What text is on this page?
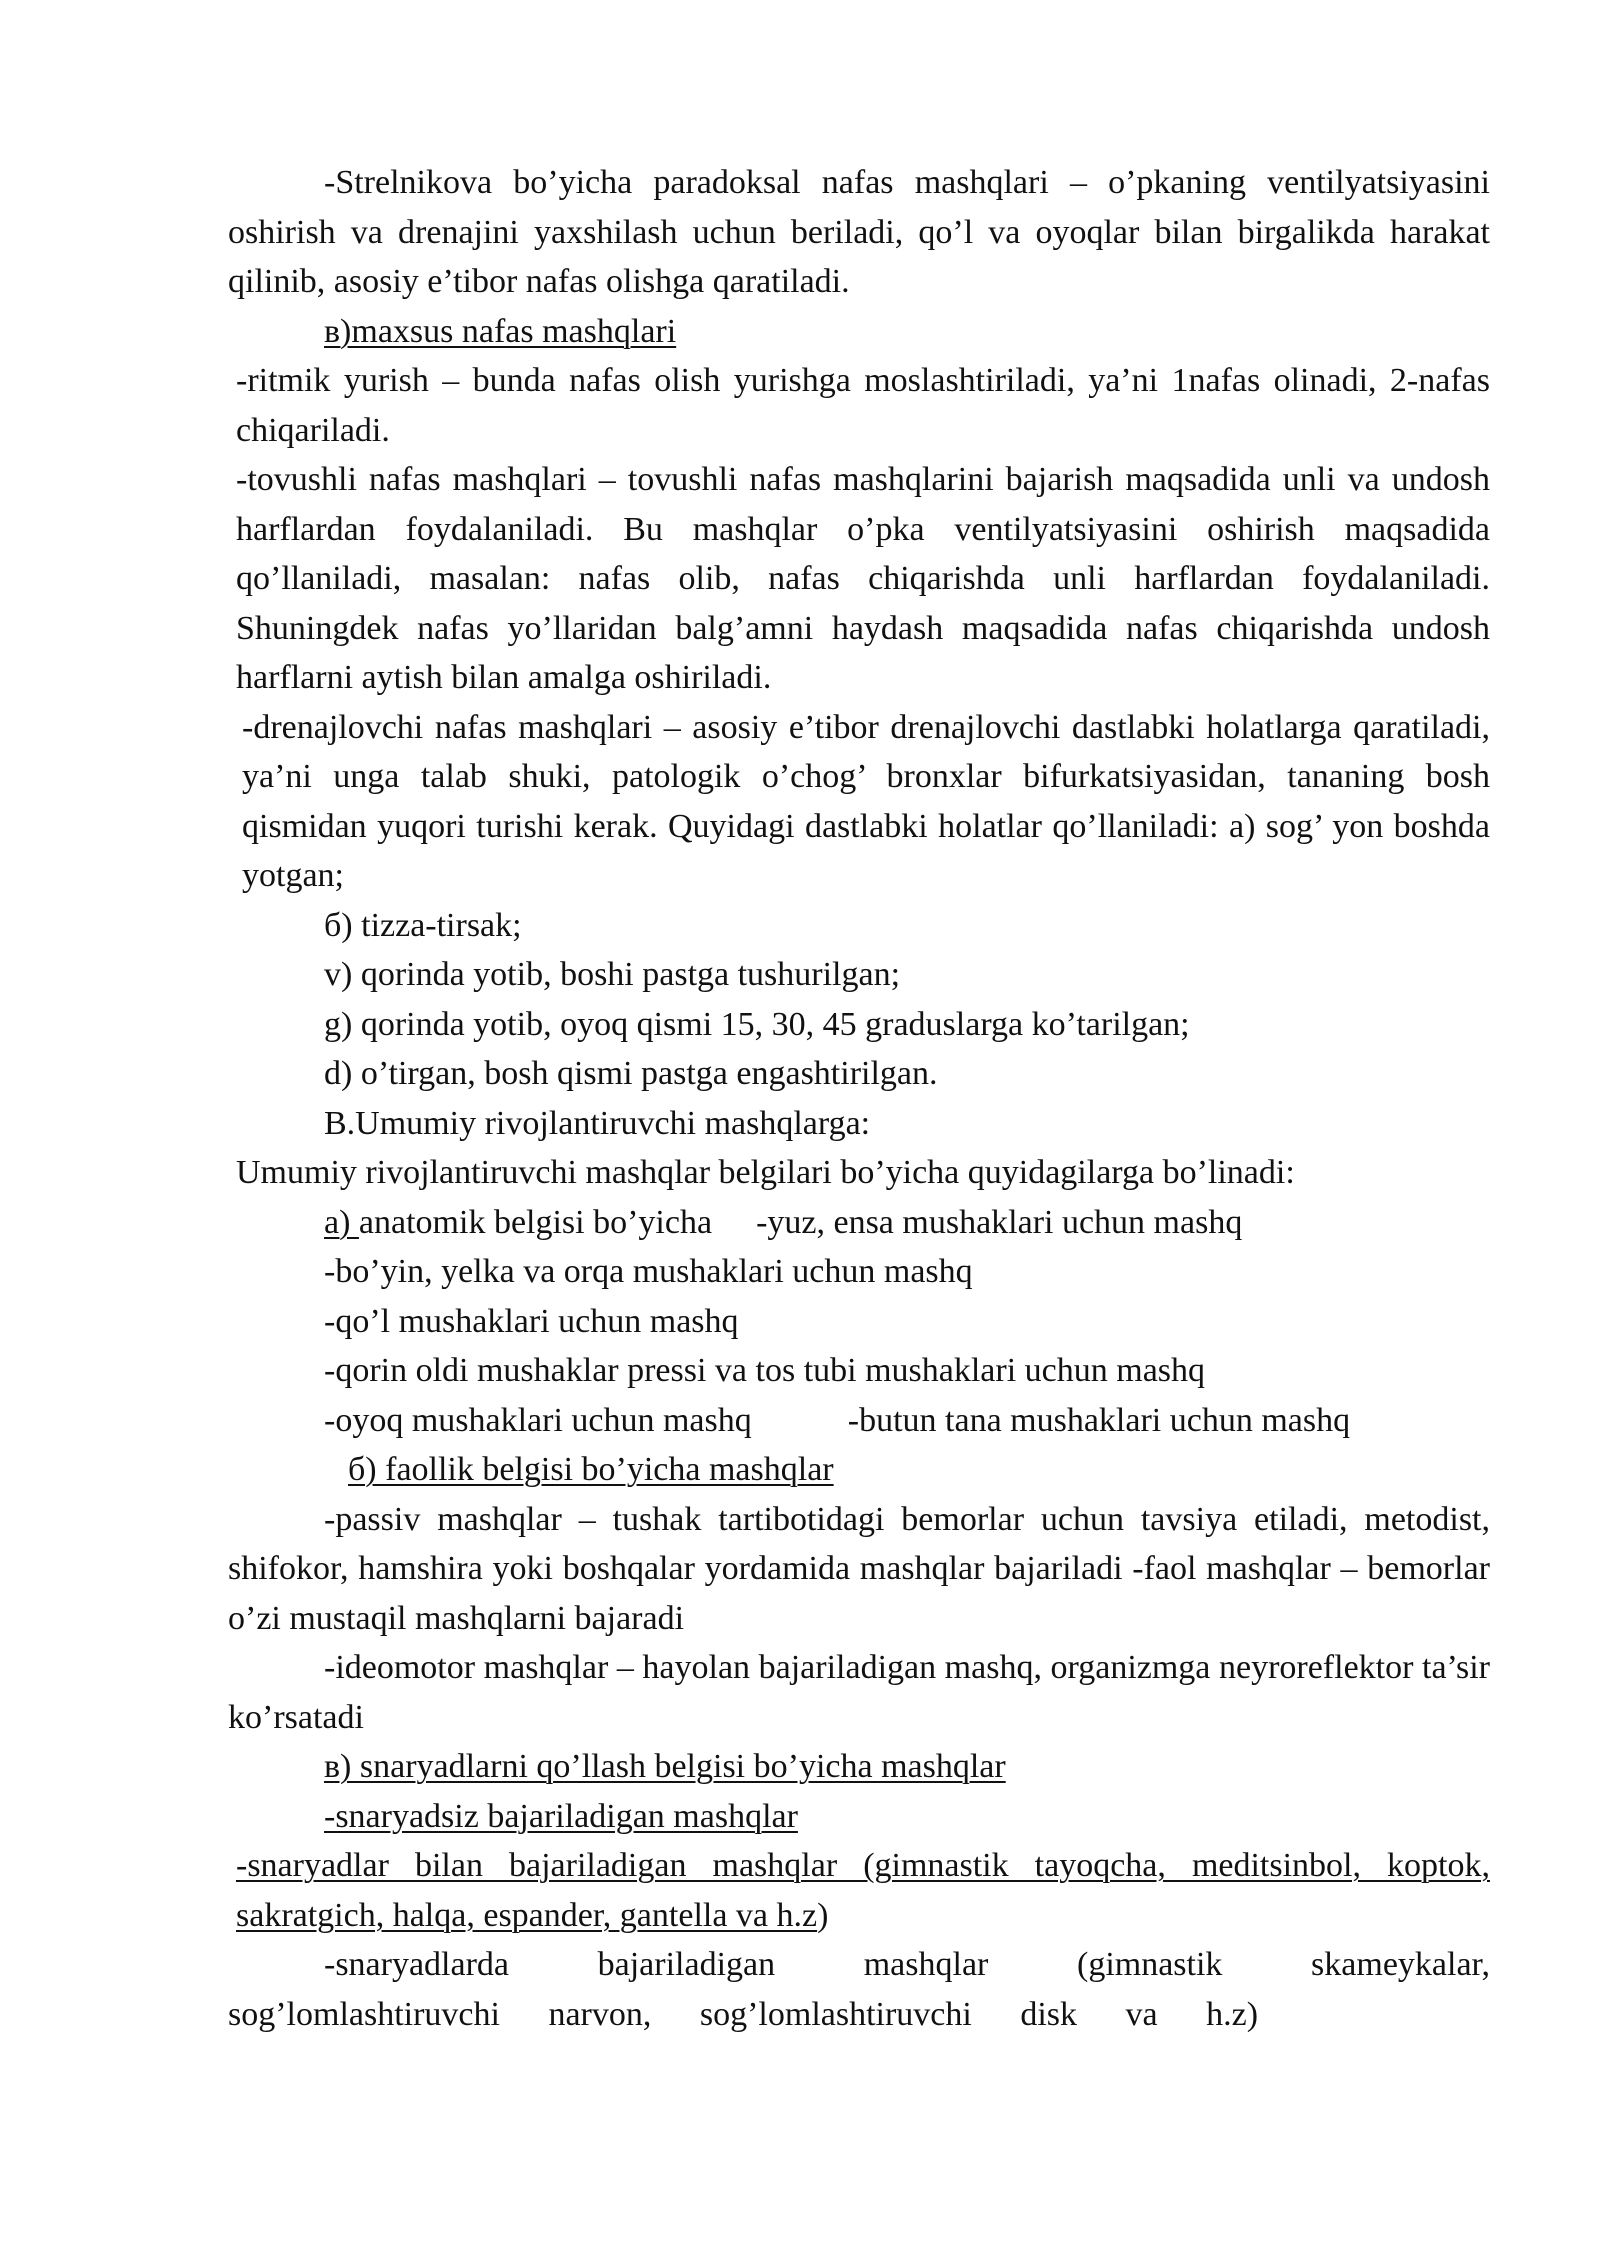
-Strelnikova bo’yicha paradoksal nafas mashqlari – o’pkaning ventilyatsiyasini oshirish va drenajini yaxshilash uchun beriladi, qo’l va oyoqlar bilan birgalikda harakat qilinib, asosiy e’tibor nafas olishga qaratiladi.

в)maxsus nafas mashqlari

-ritmik yurish – bunda nafas olish yurishga moslashtiriladi, ya’ni 1nafas olinadi, 2-nafas chiqariladi.

-tovushli nafas mashqlari – tovushli nafas mashqlarini bajarish maqsadida unli va undosh harflardan foydalaniladi. Bu mashqlar o’pka ventilyatsiyasini oshirish maqsadida qo’llaniladi, masalan: nafas olib, nafas chiqarishda unli harflardan foydalaniladi. Shuningdek nafas yo’llaridan balg’amni haydash maqsadida nafas chiqarishda undosh harflarni aytish bilan amalga oshiriladi.

-drenajlovchi nafas mashqlari – asosiy e’tibor drenajlovchi dastlabki holatlarga qaratiladi, ya’ni unga talab shuki, patologik o’chog’ bronxlar bifurkatsiyasidan, tananing bosh qismidan yuqori turishi kerak. Quyidagi dastlabki holatlar qo’llaniladi: a) sog’ yon boshda yotgan;

б) tizza-tirsak;

v) qorinda yotib, boshi pastga tushurilgan;

g) qorinda yotib, oyoq qismi 15, 30, 45 graduslarga ko’tarilgan;

d) o’tirgan, bosh qismi pastga engashtirilgan.

B.Umumiy rivojlantiruvchi mashqlarga:

Umumiy rivojlantiruvchi mashqlar belgilari bo’yicha quyidagilarga bo’linadi:

a) anatomik belgisi bo’yicha -yuz, ensa mushaklari uchun mashq

-bo’yin, yelka va orqa mushaklari uchun mashq

-qo’l mushaklari uchun mashq

-qorin oldi mushaklar pressi va tos tubi mushaklari uchun mashq

-oyoq mushaklari uchun mashq	-butun tana mushaklari uchun mashq

б) faollik belgisi bo’yicha mashqlar

-passiv mashqlar – tushak tartibotidagi bemorlar uchun tavsiya etiladi, metodist, shifokor, hamshira yoki boshqalar yordamida mashqlar bajariladi -faol mashqlar – bemorlar o’zi mustaqil mashqlarni bajaradi

-ideomotor mashqlar – hayolan bajariladigan mashq, organizmga neyroreflektor ta’sir ko’rsatadi

в) snaryadlarni qo’llash belgisi bo’yicha mashqlar

-snaryadsiz bajariladigan mashqlar

-snaryadlar bilan bajariladigan mashqlar (gimnastik tayoqcha, meditsinbol, koptok, sakratgich, halqa, espander, gantella va h.z)

-snaryadlarda bajariladigan mashqlar (gimnastik skameykalar, sog’lomlashtiruvchi narvon, sog’lomlashtiruvchi disk va h.z)
